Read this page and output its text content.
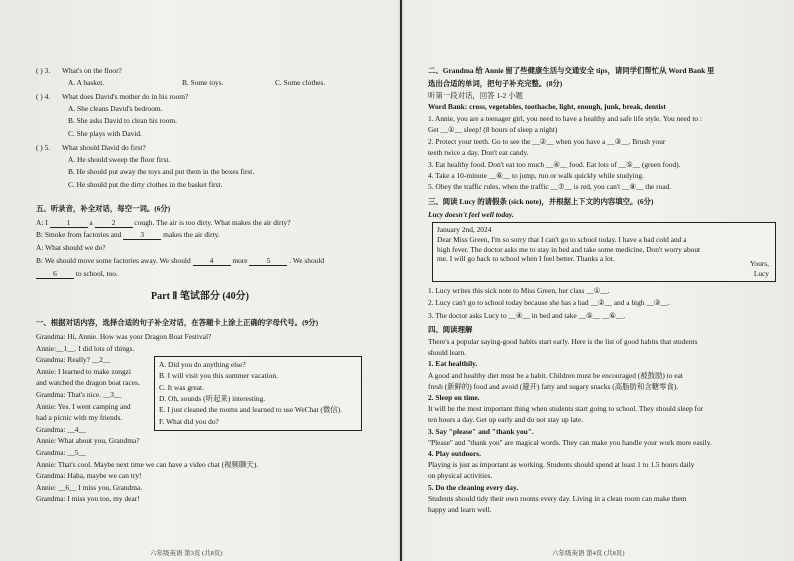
( ) 3. What's on the floor?
A. A basket.	B. Some toys.	C. Some clothes.
( ) 4. What does David's mother do in his room?
A. She cleans David's bedroom.
B. She asks David to clean his room.
C. She plays with David.
( ) 5. What should David do first?
A. He should sweep the floor first.
B. He should put away the toys and put them in the boxes first.
C. He should put the dirty clothes in the basket first.
五、听录音，补全对话，每空一词。(6分)
A: I	1	a	2	cough. The air is too dirty. What makes the air dirty?
B: Smoke from factories and	3	makes the air dirty.
A: What should we do?
B: We should move some factories away. We should	4	more	5	. We should
6	to school, too.
Part Ⅱ 笔试部分 (40分)
一、根据对话内容，选择合适的句子补全对话，在答题卡上涂上正确的字母代号。(9分)
Grandma: Hi, Annie. How was your Dragon Boat Festival?
Annie:__1__. I did lots of things.
Grandma: Really? __2__
Annie: I learned to make zongzi
and watched the dragon boat races.
Grandma: That's nice. __3__
Annie: Yes. I went camping and
had a picnic with my friends.
Grandma: __4__
Annie: What about you, Grandma?
Grandma: __5__
Annie: That's cool. Maybe next time we can have a video chat (视频聊天).
Grandma: Haha, maybe we can try!
Annie: __6__ I miss you, Grandma.
Grandma: I miss you too, my dear!
A. Did you do anything else?
B. I will visit you this summer vacation.
C. It was great.
D. Oh, sounds (听起来) interesting.
E. I just cleaned the rooms and learned to use WeChat (微信).
F. What did you do?
六年级英语 第3页 (共8页)
二、Grandma 给 Annie 留了些健康生活与交通安全 tips，请同学们帮忙从 Word Bank 里
选出合适的单词，把句子补充完整。(8分)
听第一段对话，回答 1-2 小题
Word Bank: cross, vegetables, toothache, light, enough, junk, break, dentist
1. Annie, you are a teenager girl, you need to have a healthy and safe life style. You need to :
Get __①__ sleep! (8 hours of sleep a night)
2. Protect your teeth. Go to see the __②__ when you have a __③__. Brush your
teeth twice a day. Don't eat candy.
3. Eat healthy food. Don't eat too much __④__ food. Eat lots of __⑤__ (green food).
4. Take a 10-minute __⑥__ to jump, run or walk quickly while studying.
5. Obey the traffic rules, when the traffic __⑦__ is red, you can't __⑧__ the road.
三、阅读 Lucy 的请假条 (sick note)，并根据上下文的内容填空。(6分)
Lucy doesn't feel well today.
January 2nd, 2024
Dear Miss Green, I'm so sorry that I can't go to school today. I have a bad cold and a
high fever. The doctor asks me to stay in bed and take some medicine, Don't worry about
me. I will go back to school when I feel better. Thanks a lot.
Yours,
Lucy
1. Lucy writes this sick note to Miss Green, her class __①__.
2. Lucy can't go to school today because she has a bad __②__ and a high __③__.
3. The doctor asks Lucy to __④__ in bed and take __⑤__ __⑥__.
四、阅读理解
There's a popular saying-good habits start early. Here is the list of good habits that students
should learn.
1. Eat healthily.
A good and healthy diet must be a habit. Children must be encouraged (被鼓励) to eat
fresh (新鲜的) food and avoid (避开) fatty and sugary snacks (高脂肪和含糖零食).
2. Sleep on time.
It will be the most important thing when students start going to school. They should sleep for
ten hours a day. Get up early and do not stay up late.
3. Say "please" and "thank you".
"Please" and "thank you" are magical words. They can make you handle your work more easily.
4. Play outdoors.
Playing is just as important as working. Students should spend at least 1 to 1.5 hours daily
on physical activities.
5. Do the cleaning every day.
Students should tidy their own rooms every day. Living in a clean room can make them
happy and learn well.
六年级英语 第4页 (共8页)
